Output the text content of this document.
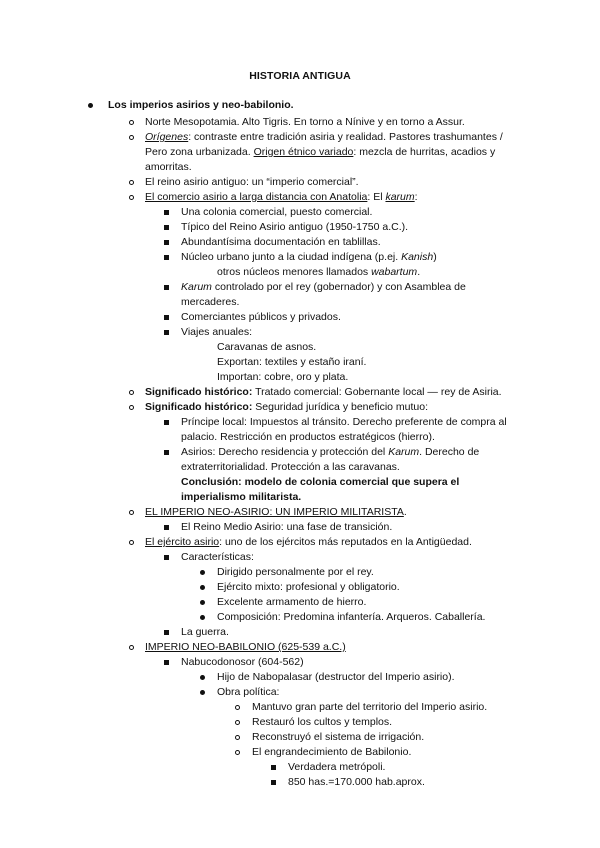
HISTORIA ANTIGUA
Los imperios asirios y neo-babilonio.
Norte Mesopotamia. Alto Tigris. En torno a Nínive y en torno a Assur.
Orígenes: contraste entre tradición asiria y realidad. Pastores trashumantes /
Pero zona urbanizada. Origen étnico variado: mezcla de hurritas, acadios y
amorritas.
El reino asirio antiguo: un “imperio comercial”.
El comercio asirio a larga distancia con Anatolia: El karum:
Una colonia comercial, puesto comercial.
Típico del Reino Asirio antiguo (1950-1750 a.C.).
Abundantísima documentación en tablillas.
Núcleo urbano junto a la ciudad indígena (p.ej. Kanish)
otros núcleos menores llamados wabartum.
Karum controlado por el rey (gobernador) y con Asamblea de
mercaderes.
Comerciantes públicos y privados.
Viajes anuales:
Caravanas de asnos.
Exportan: textiles y estaño iraní.
Importan: cobre, oro y plata.
Significado histórico: Tratado comercial: Gobernante local — rey de Asiria.
Significado histórico: Seguridad jurídica y beneficio mutuo:
Príncipe local: Impuestos al tránsito. Derecho preferente de compra al
palacio. Restricción en productos estratégicos (hierro).
Asirios: Derecho residencia y protección del Karum. Derecho de
extraterritorialidad. Protección a las caravanas.
Conclusión: modelo de colonia comercial que supera el
imperialismo militarista.
EL IMPERIO NEO-ASIRIO: UN IMPERIO MILITARISTA.
El Reino Medio Asirio: una fase de transición.
El ejército asirio: uno de los ejércitos más reputados en la Antigüedad.
Características:
Dirigido personalmente por el rey.
Ejército mixto: profesional y obligatorio.
Excelente armamento de hierro.
Composición: Predomina infantería. Arqueros. Caballería.
La guerra.
IMPERIO NEO-BABILONIO (625-539 a.C.)
Nabucodonosor (604-562)
Hijo de Nabopalasar (destructor del Imperio asirio).
Obra política:
Mantuvo gran parte del territorio del Imperio asirio.
Restauró los cultos y templos.
Reconstruyó el sistema de irrigación.
El engrandecimiento de Babilonio.
Verdadera metrópoli.
850 has.=170.000 hab.aprox.
